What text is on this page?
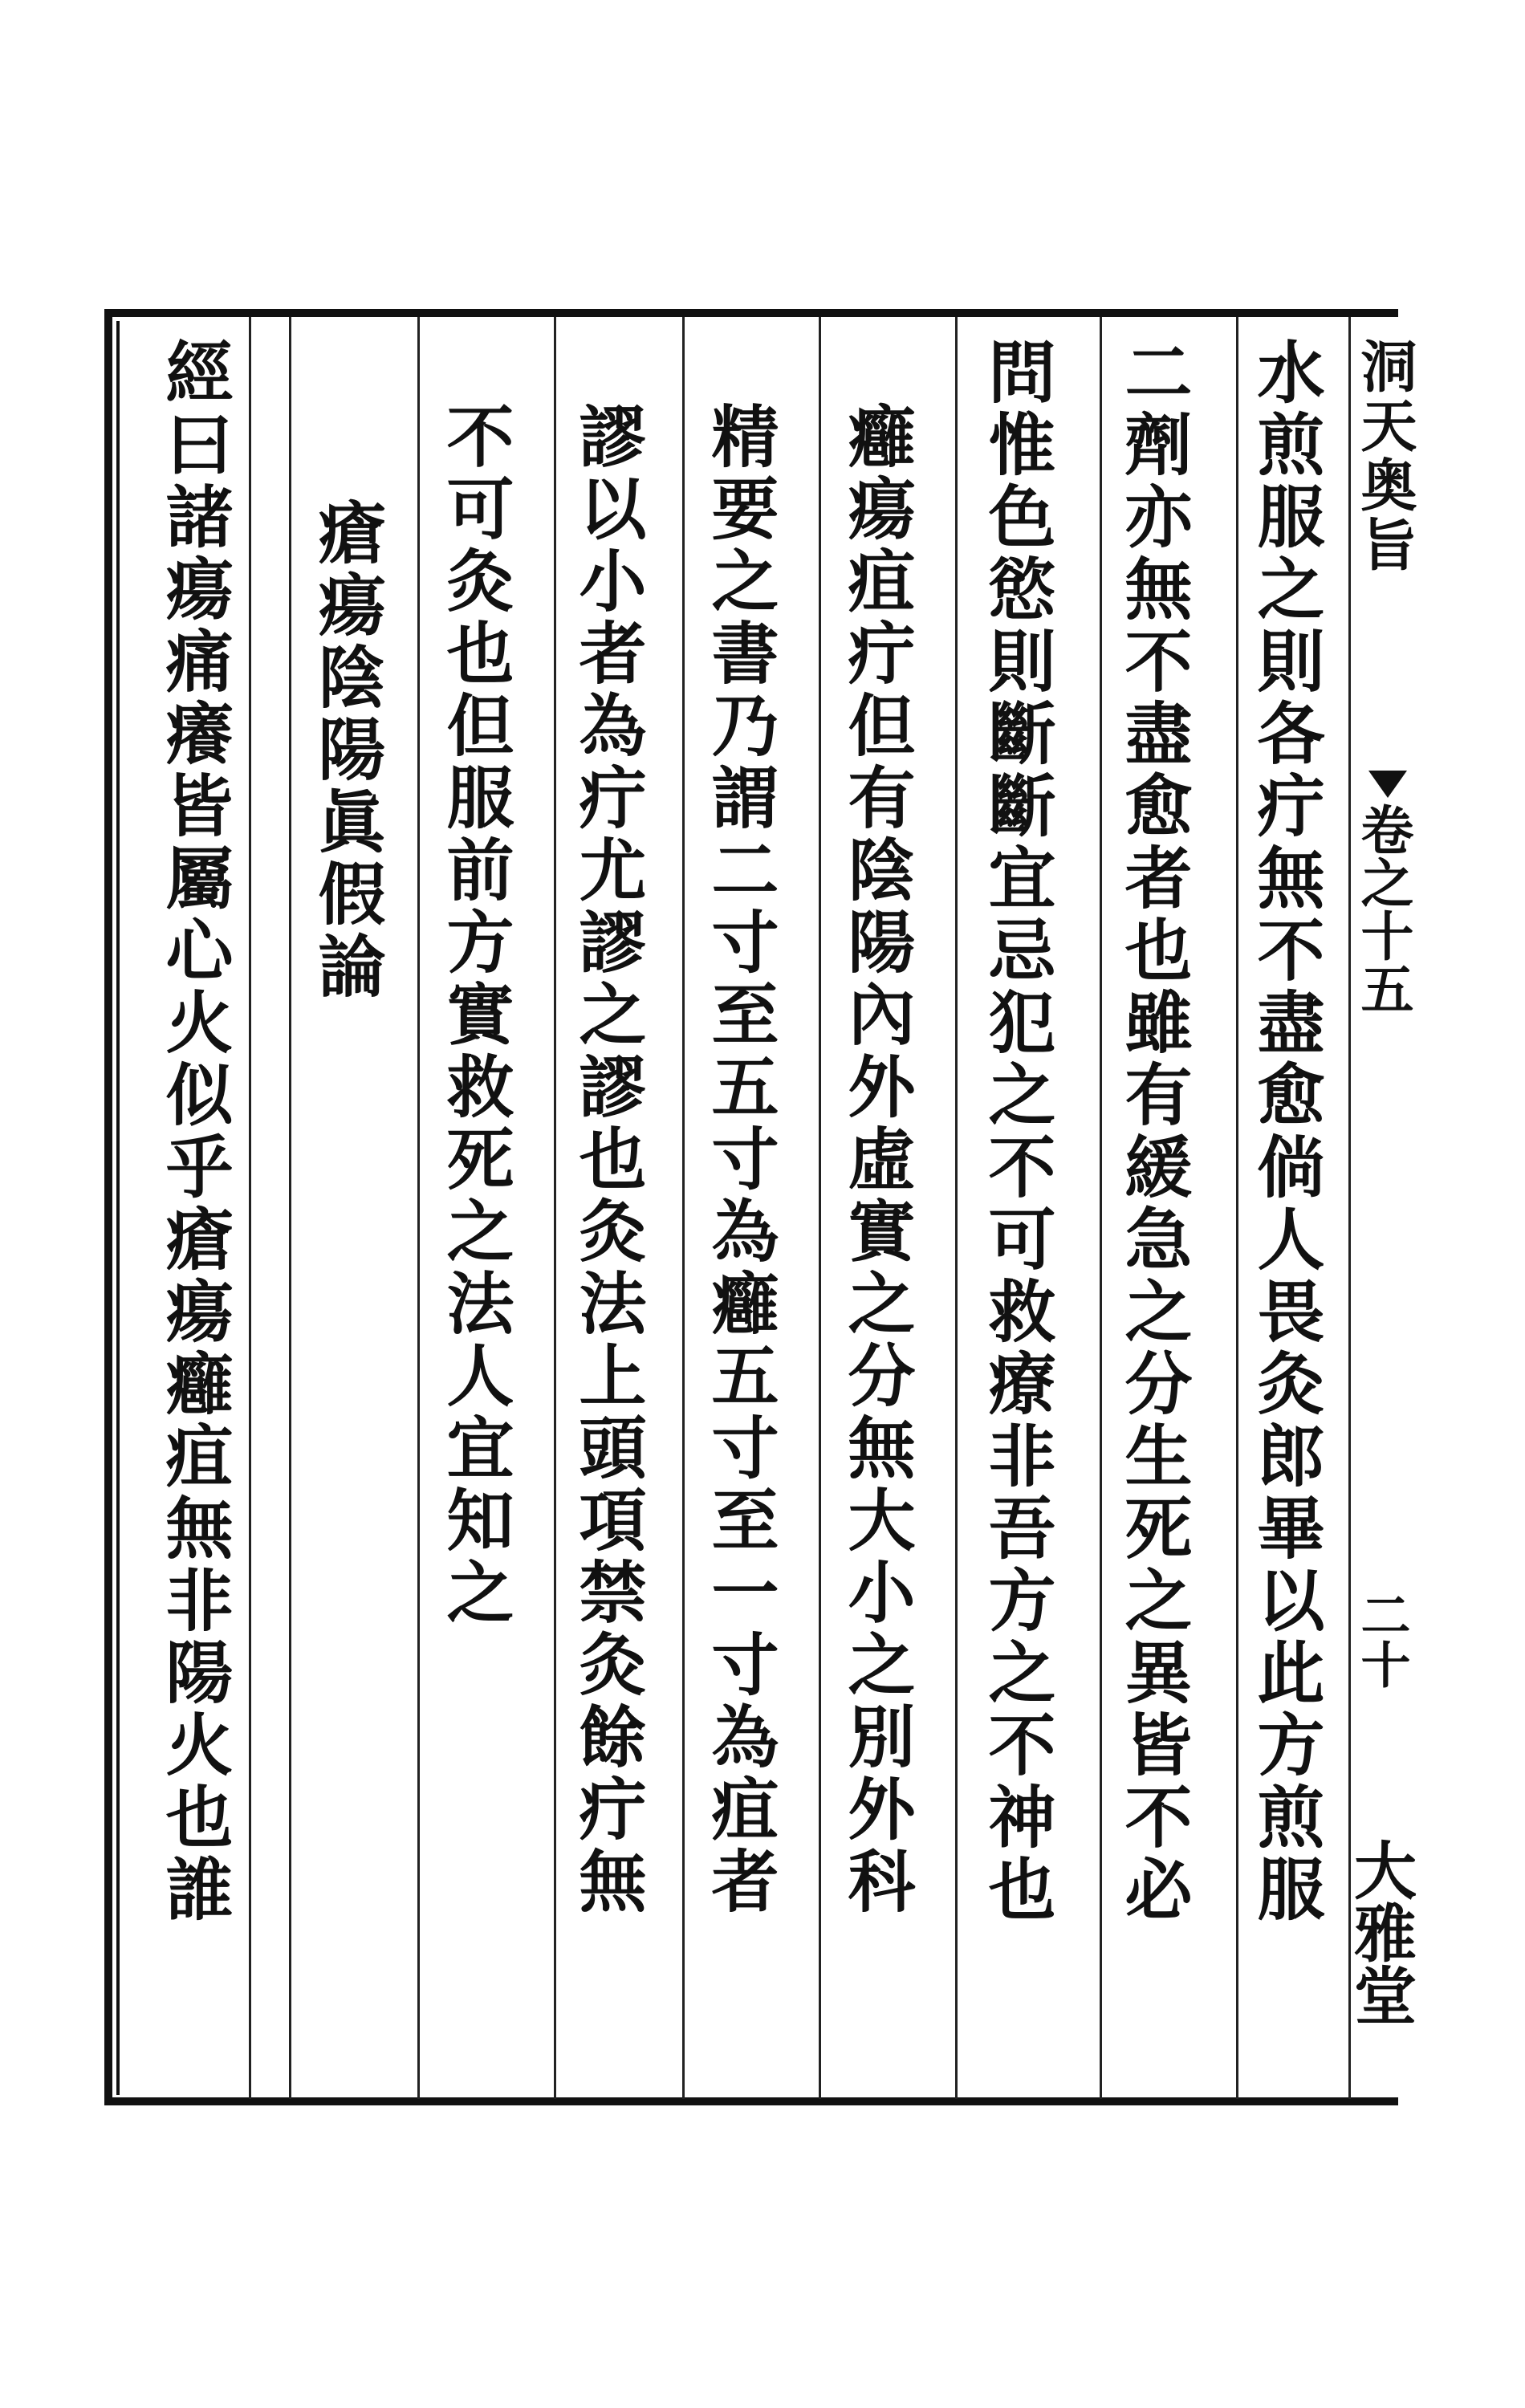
洞天奥旨
卷之十五
二十
大雅堂
水煎服之則各疔無不盡愈倘人畏灸郎畢以此方煎服
二劑亦無不盡愈者也雖有緩急之分生死之異皆不必
問惟色慾則斷斷宜忌犯之不可救療非吾方之不神也
癰瘍疽疔但有陰陽內外虛實之分無大小之別外科
精要之書乃謂二寸至五寸為癰五寸至一寸為疽者
謬以小者為疔尤謬之謬也灸法上頭項禁灸餘疔無
不可灸也但服前方實救死之法人宜知之
瘡瘍陰陽眞假論
經曰諸瘍痛癢皆屬心火似乎瘡瘍癰疽無非陽火也誰
